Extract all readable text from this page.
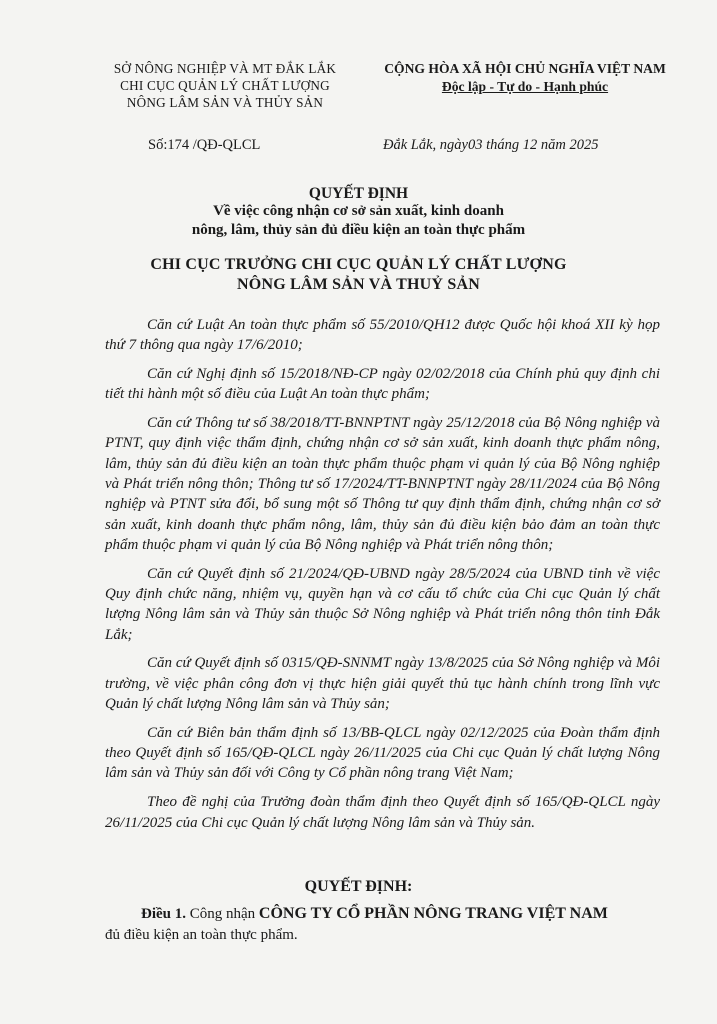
SỞ NÔNG NGHIỆP VÀ MT ĐẮK LẮK
CHI CỤC QUẢN LÝ CHẤT LƯỢNG
NÔNG LÂM SẢN VÀ THỦY SẢN
CỘNG HÒA XÃ HỘI CHỦ NGHĨA VIỆT NAM
Độc lập - Tự do - Hạnh phúc
Số:174 /QĐ-QLCL	Đắk Lắk, ngày03 tháng 12 năm 2025
QUYẾT ĐỊNH
Về việc công nhận cơ sở sản xuất, kinh doanh
nông, lâm, thủy sản đủ điều kiện an toàn thực phẩm
CHI CỤC TRƯỞNG CHI CỤC QUẢN LÝ CHẤT LƯỢNG
NÔNG LÂM SẢN VÀ THUỶ SẢN

Căn cứ Luật An toàn thực phẩm số 55/2010/QH12 được Quốc hội khoá XII kỳ họp thứ 7 thông qua ngày 17/6/2010;

Căn cứ Nghị định số 15/2018/NĐ-CP ngày 02/02/2018 của Chính phủ quy định chi tiết thi hành một số điều của Luật An toàn thực phẩm;

Căn cứ Thông tư số 38/2018/TT-BNNPTNT ngày 25/12/2018 của Bộ Nông nghiệp và PTNT, quy định việc thẩm định, chứng nhận cơ sở sản xuất, kinh doanh thực phẩm nông, lâm, thủy sản đủ điều kiện an toàn thực phẩm thuộc phạm vi quản lý của Bộ Nông nghiệp và Phát triển nông thôn; Thông tư số 17/2024/TT-BNNPTNT ngày 28/11/2024 của Bộ Nông nghiệp và PTNT sửa đổi, bổ sung một số Thông tư quy định thẩm định, chứng nhận cơ sở sản xuất, kinh doanh thực phẩm nông, lâm, thủy sản đủ điều kiện bảo đảm an toàn thực phẩm thuộc phạm vi quản lý của Bộ Nông nghiệp và Phát triển nông thôn;

Căn cứ Quyết định số 21/2024/QĐ-UBND ngày 28/5/2024 của UBND tỉnh về việc Quy định chức năng, nhiệm vụ, quyền hạn và cơ cấu tổ chức của Chi cục Quản lý chất lượng Nông lâm sản và Thủy sản thuộc Sở Nông nghiệp và Phát triển nông thôn tỉnh Đắk Lắk;

Căn cứ Quyết định số 0315/QĐ-SNNMT ngày 13/8/2025 của Sở Nông nghiệp và Môi trường, về việc phân công đơn vị thực hiện giải quyết thủ tục hành chính trong lĩnh vực Quản lý chất lượng Nông lâm sản và Thủy sản;

Căn cứ Biên bản thẩm định số 13/BB-QLCL ngày 02/12/2025 của Đoàn thẩm định theo Quyết định số 165/QĐ-QLCL ngày 26/11/2025 của Chi cục Quản lý chất lượng Nông lâm sản và Thủy sản đối với Công ty Cổ phần nông trang Việt Nam;

Theo đề nghị của Trưởng đoàn thẩm định theo Quyết định số 165/QĐ-QLCL ngày 26/11/2025 của Chi cục Quản lý chất lượng Nông lâm sản và Thủy sản.

QUYẾT ĐỊNH:
Điều 1. Công nhận CÔNG TY CỔ PHẦN NÔNG TRANG VIỆT NAM
đủ điều kiện an toàn thực phẩm.
